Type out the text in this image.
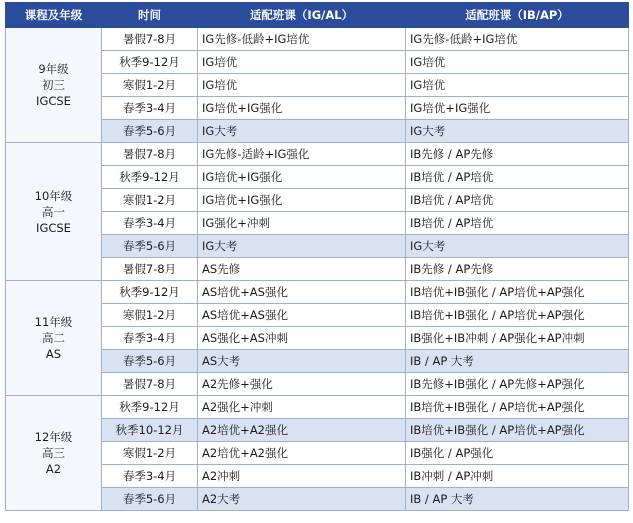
课程及年级	时间	适配班课（IG/AL）	适配班课（IB/AP）

9年级
初三
IGCSE	暑假7-8月	IG先修-低龄+IG培优	IG先修-低龄+IG培优
	秋季9-12月	IG培优	IG培优
	寒假1-2月	IG培优	IG培优
	春季3-4月	IG培优+IG强化	IG培优+IG强化
	春季5-6月	IG大考	IG大考

10年级
高一
IGCSE	暑假7-8月	IG先修-适龄+IG强化	IB先修 / AP先修
	秋季9-12月	IG培优+IG强化	IB培优 / AP培优
	寒假1-2月	IG培优+IG强化	IB培优 / AP培优
	春季3-4月	IG强化+冲刺	IB培优 / AP培优
	春季5-6月	IG大考	IG大考
	暑假7-8月	AS先修	IB先修 / AP先修

11年级
高二
AS	秋季9-12月	AS培优+AS强化	IB培优+IB强化 / AP培优+AP强化
	寒假1-2月	AS培优+AS强化	IB培优+IB强化 / AP培优+AP强化
	春季3-4月	AS强化+AS冲刺	IB强化+IB冲刺 / AP强化+AP冲刺
	春季5-6月	AS大考	IB / AP 大考
	暑假7-8月	A2先修+强化	IB先修+IB强化 / AP先修+AP强化

12年级
高三
A2	秋季9-12月	A2强化+冲刺	IB培优+IB强化 / AP培优+AP强化
	秋季10-12月	A2培优+A2强化	IB培优+IB强化 / AP培优+AP强化
	寒假1-2月	A2培优+A2强化	IB强化 / AP强化
	春季3-4月	A2冲刺	IB冲刺 / AP冲刺
	春季5-6月	A2大考	IB / AP 大考
